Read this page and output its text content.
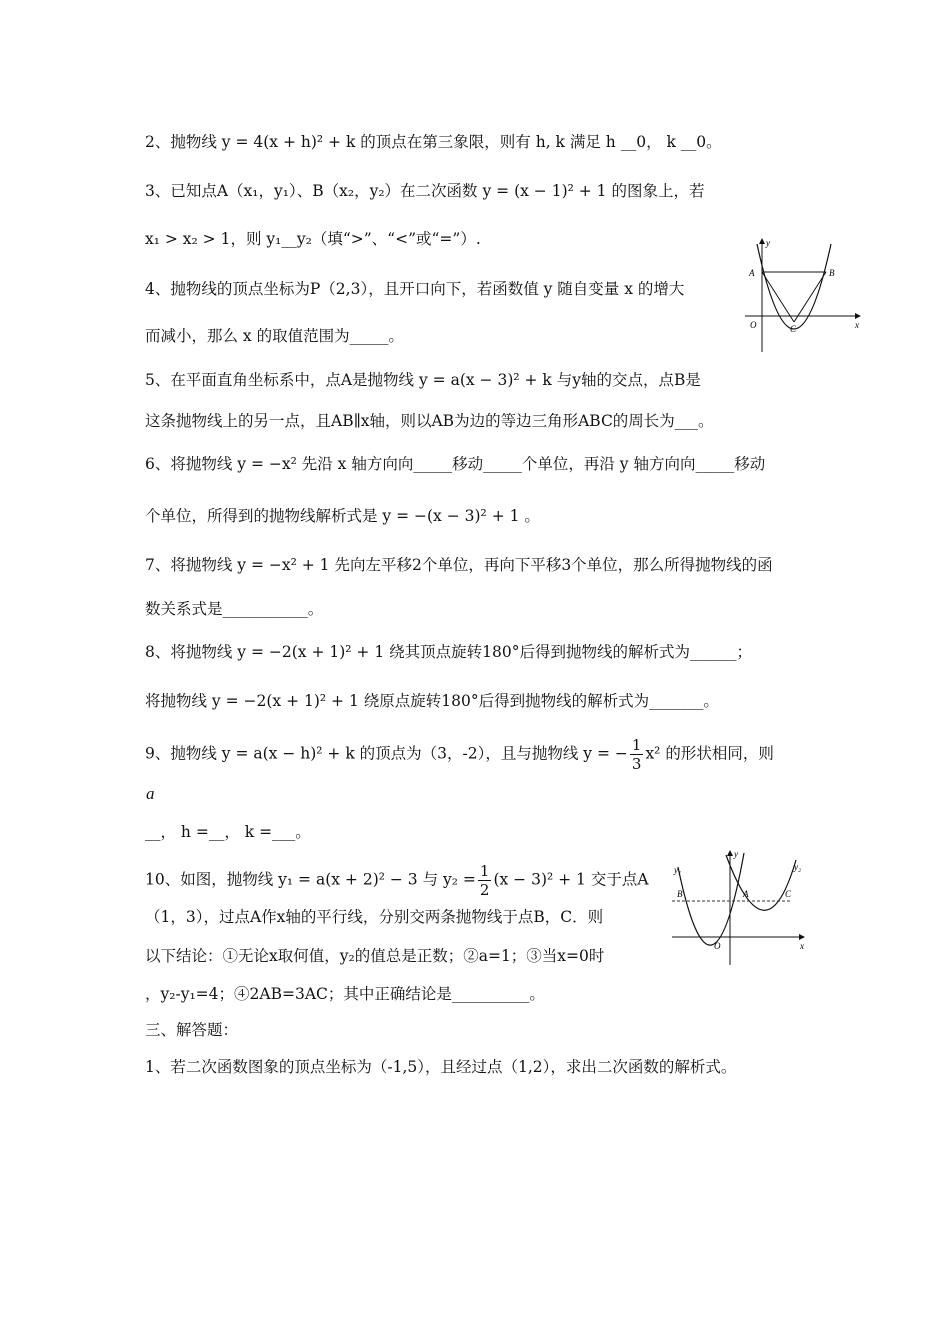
2、抛物线 y = 4(x + h)² + k 的顶点在第三象限，则有 h, k 满足 h __0， k __0。
3、已知点A（x₁，y₁）、B（x₂，y₂）在二次函数 y = (x − 1)² + 1 的图象上，若
x₁ > x₂ > 1，则 y₁__y₂（填“>”、“<”或“=”）.
4、抛物线的顶点坐标为P（2,3），且开口向下，若函数值 y 随自变量 x 的增大
而减小，那么 x 的取值范围为_____。
5、在平面直角坐标系中，点A是抛物线 y = a(x − 3)² + k 与y轴的交点，点B是
这条抛物线上的另一点，且AB∥x轴，则以AB为边的等边三角形ABC的周长为___。
6、将抛物线 y = −x² 先沿 x 轴方向向_____移动_____个单位，再沿 y 轴方向向_____移动
个单位，所得到的抛物线解析式是 y = −(x − 3)² + 1 。
7、将抛物线 y = −x² + 1 先向左平移2个单位，再向下平移3个单位，那么所得抛物线的函
数关系式是___________。
8、将抛物线 y = −2(x + 1)² + 1 绕其顶点旋转180°后得到抛物线的解析式为______；
将抛物线 y = −2(x + 1)² + 1 绕原点旋转180°后得到抛物线的解析式为_______。
9、抛物线 y = a(x − h)² + k 的顶点为（3，-2），且与抛物线 y = − $\frac{1}{3} x^2$ 的形状相同，则
a
__， h =__， k =___。
10、如图，抛物线 y₁ = a(x + 2)² − 3 与 $y_2 = \frac{1}{2} (x - 3)^2 + 1$ 交于点A
（1，3），过点A作x轴的平行线，分别交两条抛物线于点B，C．则
以下结论：①无论x取何值，y₂的值总是正数；②a=1；③当x=0时
，y₂-y₁=4；④2AB=3AC；其中正确结论是__________。
三、解答题：
1、若二次函数图象的顶点坐标为（-1,5），且经过点（1,2），求出二次函数的解析式。
y
x
O
A	B
C
y
x
O
A
B	C
y₁	y₂
